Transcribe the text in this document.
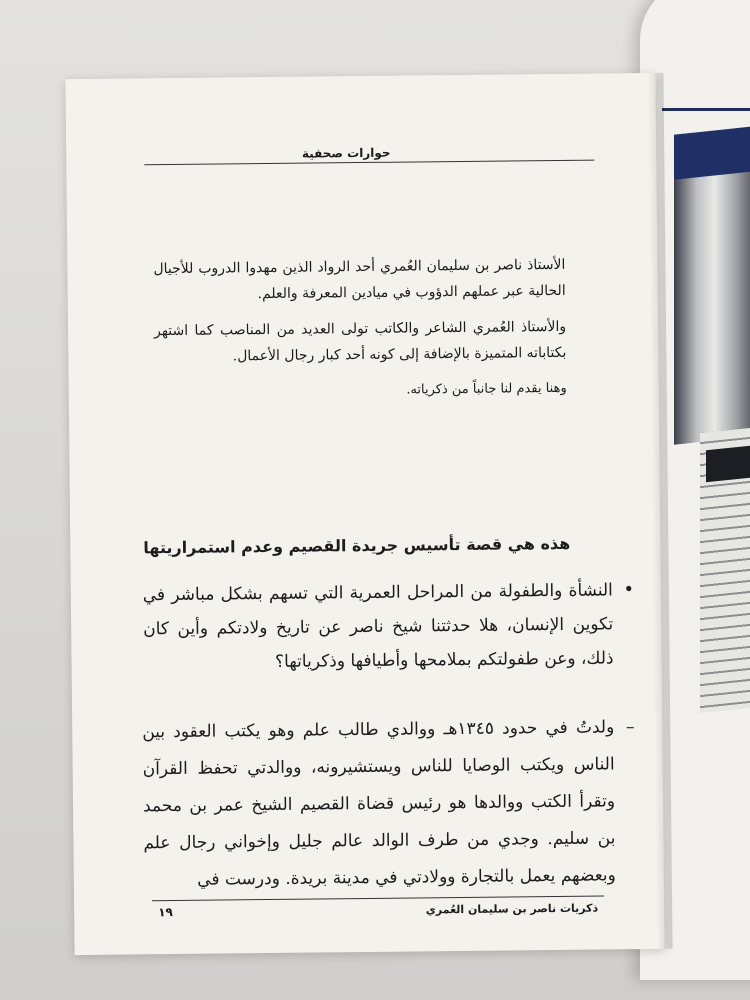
حوارات صحفية

الأستاذ ناصر بن سليمان العُمري أحد الرواد الذين مهدوا الدروب للأجيال الحالية عبر عملهم الدؤوب في ميادين المعرفة والعلم.

والأستاذ العُمري الشاعر والكاتب تولى العديد من المناصب كما اشتهر بكتاباته المتميزة بالإضافة إلى كونه أحد كبار رجال الأعمال.

وهنا يقدم لنا جانباً من ذكرياته.

هذه هي قصة تأسيس جريدة القصيم وعدم استمراريتها
•
النشأة والطفولة من المراحل العمرية التي تسهم بشكل مباشر في تكوين الإنسان، هلا حدثتنا شيخ ناصر عن تاريخ ولادتكم وأين كان ذلك، وعن طفولتكم بملامحها وأطيافها وذكرياتها؟
–
ولدتُ في حدود ١٣٤٥هـ ووالدي طالب علم وهو يكتب العقود بين الناس ويكتب الوصايا للناس ويستشيرونه، ووالدتي تحفظ القرآن وتقرأ الكتب ووالدها هو رئيس قضاة القصيم الشيخ عمر بن محمد بن سليم. وجدي من طرف الوالد عالم جليل وإخواني رجال علم وبعضهم يعمل بالتجارة وولادتي في مدينة بريدة. ودرست في
ذكريات ناصر بن سليمان العُمري
١٩
